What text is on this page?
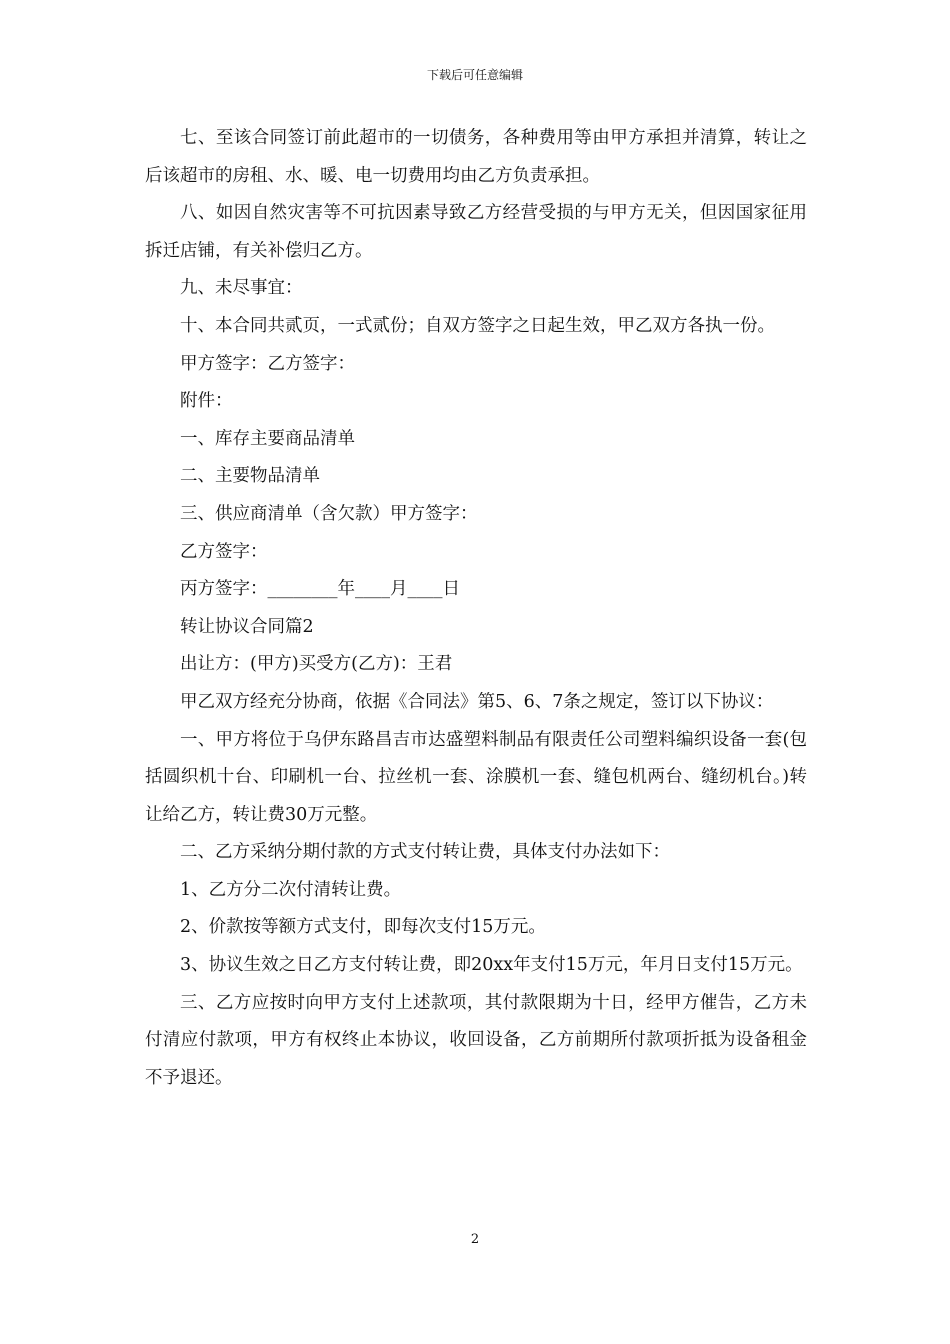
下载后可任意编辑

七、至该合同签订前此超市的一切债务，各种费用等由甲方承担并清算，转让之后该超市的房租、水、暖、电一切费用均由乙方负责承担。

八、如因自然灾害等不可抗因素导致乙方经营受损的与甲方无关，但因国家征用拆迁店铺，有关补偿归乙方。

九、未尽事宜：

十、本合同共贰页，一式贰份；自双方签字之日起生效，甲乙双方各执一份。

甲方签字：乙方签字：

附件：

一、库存主要商品清单

二、主要物品清单

三、供应商清单（含欠款）甲方签字：

乙方签字：

丙方签字：________年____月____日

转让协议合同篇2

出让方：(甲方)买受方(乙方)：王君

甲乙双方经充分协商，依据《合同法》第5、6、7条之规定，签订以下协议：

一、甲方将位于乌伊东路昌吉市达盛塑料制品有限责任公司塑料编织设备一套(包括圆织机十台、印刷机一台、拉丝机一套、涂膜机一套、缝包机两台、缝纫机台。)转让给乙方，转让费30万元整。

二、乙方采纳分期付款的方式支付转让费，具体支付办法如下：

1、乙方分二次付清转让费。

2、价款按等额方式支付，即每次支付15万元。

3、协议生效之日乙方支付转让费，即20xx年支付15万元，年月日支付15万元。

三、乙方应按时向甲方支付上述款项，其付款限期为十日，经甲方催告，乙方未付清应付款项，甲方有权终止本协议，收回设备，乙方前期所付款项折抵为设备租金不予退还。

2
